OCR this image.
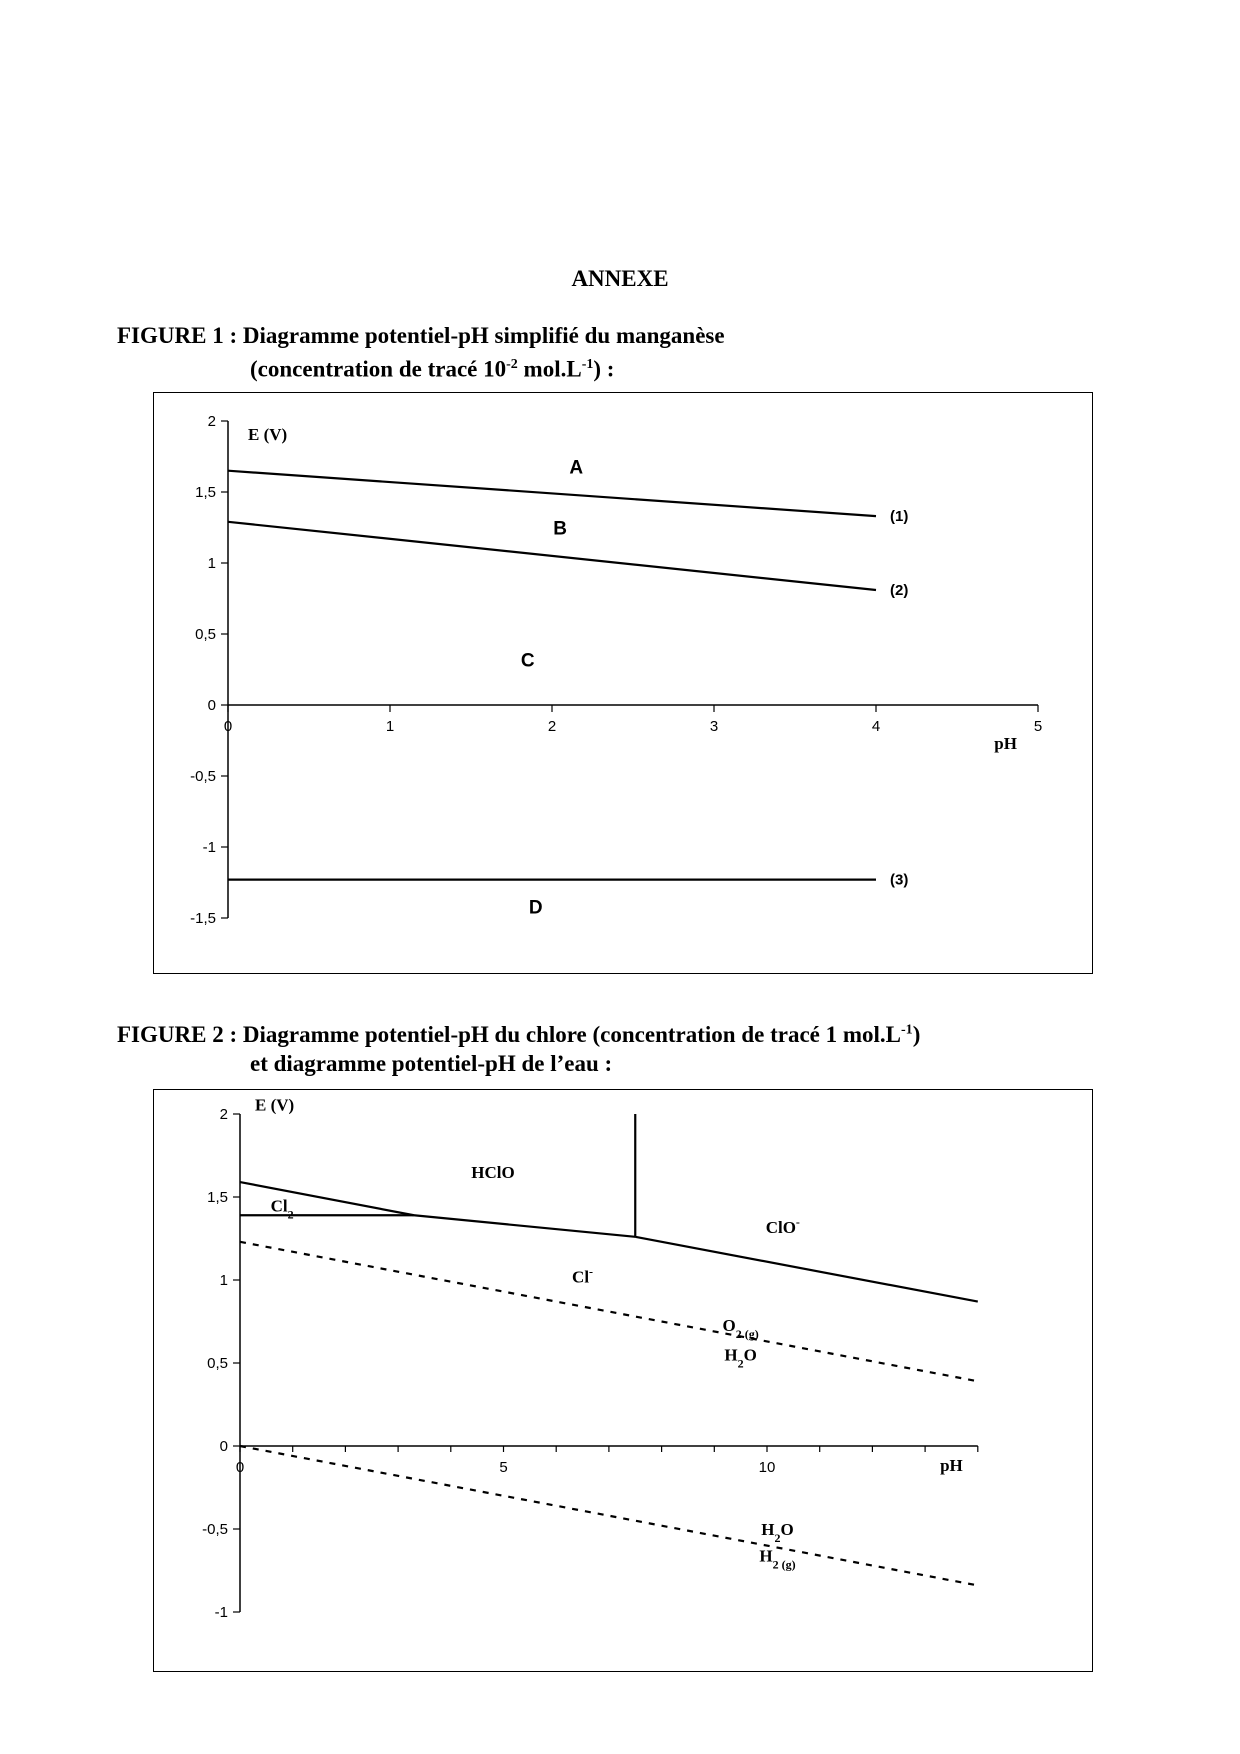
ANNEXE
FIGURE 1 : Diagramme potentiel-pH simplifié du manganèse
(concentration de tracé $10^{-2}$ $mol.L^{-1}$) :
2
1,5
1
0,5
0
-0,5
-1
-1,5
0	1	2	3	4	5
E (V)
pH
(1)
(2)
(3)
A
B
C
D
FIGURE 2 : Diagramme potentiel-pH du chlore (concentration de tracé 1 $mol.L^{-1}$)
et diagramme potentiel-pH de l’eau :
2
1,5
1
0,5
0
-0,5
-1
0	5	10
E (V)
pH
HClO
$Cl_2$
ClO-
Cl-
$O_{2 (g)}$
$H_2O$
$H_2O$
$H_{2 (g)}$
